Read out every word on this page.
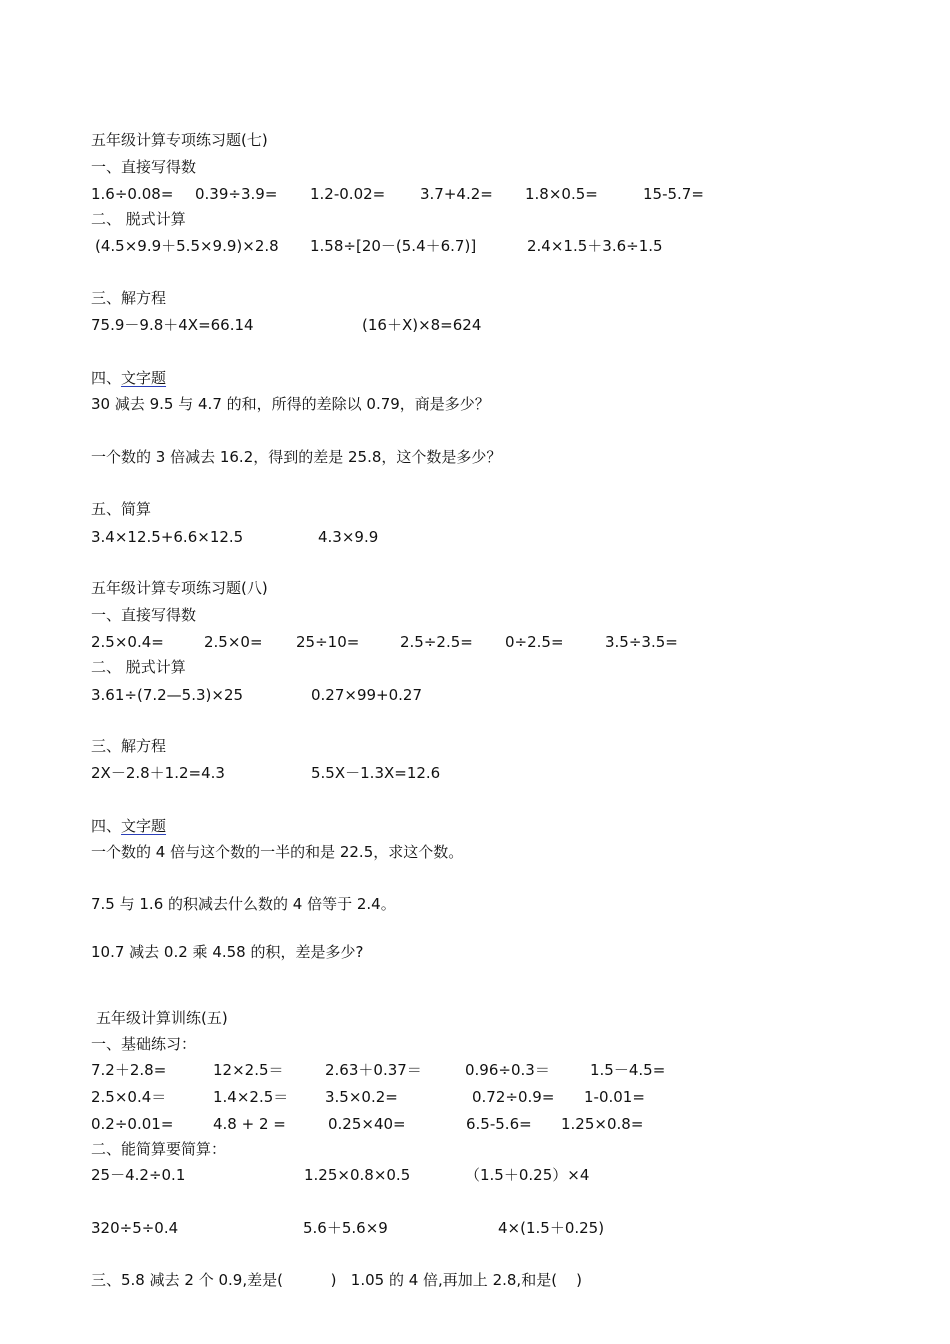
五年级计算专项练习题(七)
一、直接写得数
1.6÷0.08= 0.39÷3.9= 1.2-0.02= 3.7+4.2= 1.8×0.5=	15-5.7=
二、 脱式计算
(4.5×9.9＋5.5×9.9)×2.8 1.58÷[20－(5.4＋6.7)]	2.4×1.5＋3.6÷1.5
三、解方程
75.9－9.8＋4X=66.14	(16＋X)×8=624
四、文字题
30 减去 9.5 与 4.7 的和，所得的差除以 0.79，商是多少？
一个数的 3 倍减去 16.2，得到的差是 25.8，这个数是多少？
五、简算
3.4×12.5+6.6×12.5	4.3×9.9
五年级计算专项练习题(八)
一、直接写得数
2.5×0.4=	2.5×0= 25÷10=	2.5÷2.5= 0÷2.5=	3.5÷3.5=
二、 脱式计算
3.61÷(7.2—5.3)×25	0.27×99+0.27
三、解方程
2X－2.8＋1.2=4.3	5.5X－1.3X=12.6
四、文字题
一个数的 4 倍与这个数的一半的和是 22.5，求这个数。
7.5 与 1.6 的积减去什么数的 4 倍等于 2.4。
10.7 减去 0.2 乘 4.58 的积，差是多少?
五年级计算训练(五)
一、基础练习：
7.2＋2.8=	12×2.5＝	2.63＋0.37＝	0.96÷0.3＝	1.5－4.5=
2.5×0.4＝	1.4×2.5＝ 3.5×0.2=	0.72÷0.9= 1-0.01=
0.2÷0.01=	4.8 + 2 =	0.25×40=	6.5-5.6= 1.25×0.8=
二、能简算要简算：
25－4.2÷0.1	1.25×0.8×0.5	（1.5＋0.25）×4
320÷5÷0.4	5.6＋5.6×9	4×(1.5＋0.25)
三、5.8 减去 2 个 0.9,差是(          )   1.05 的 4 倍,再加上 2.8,和是(    )
